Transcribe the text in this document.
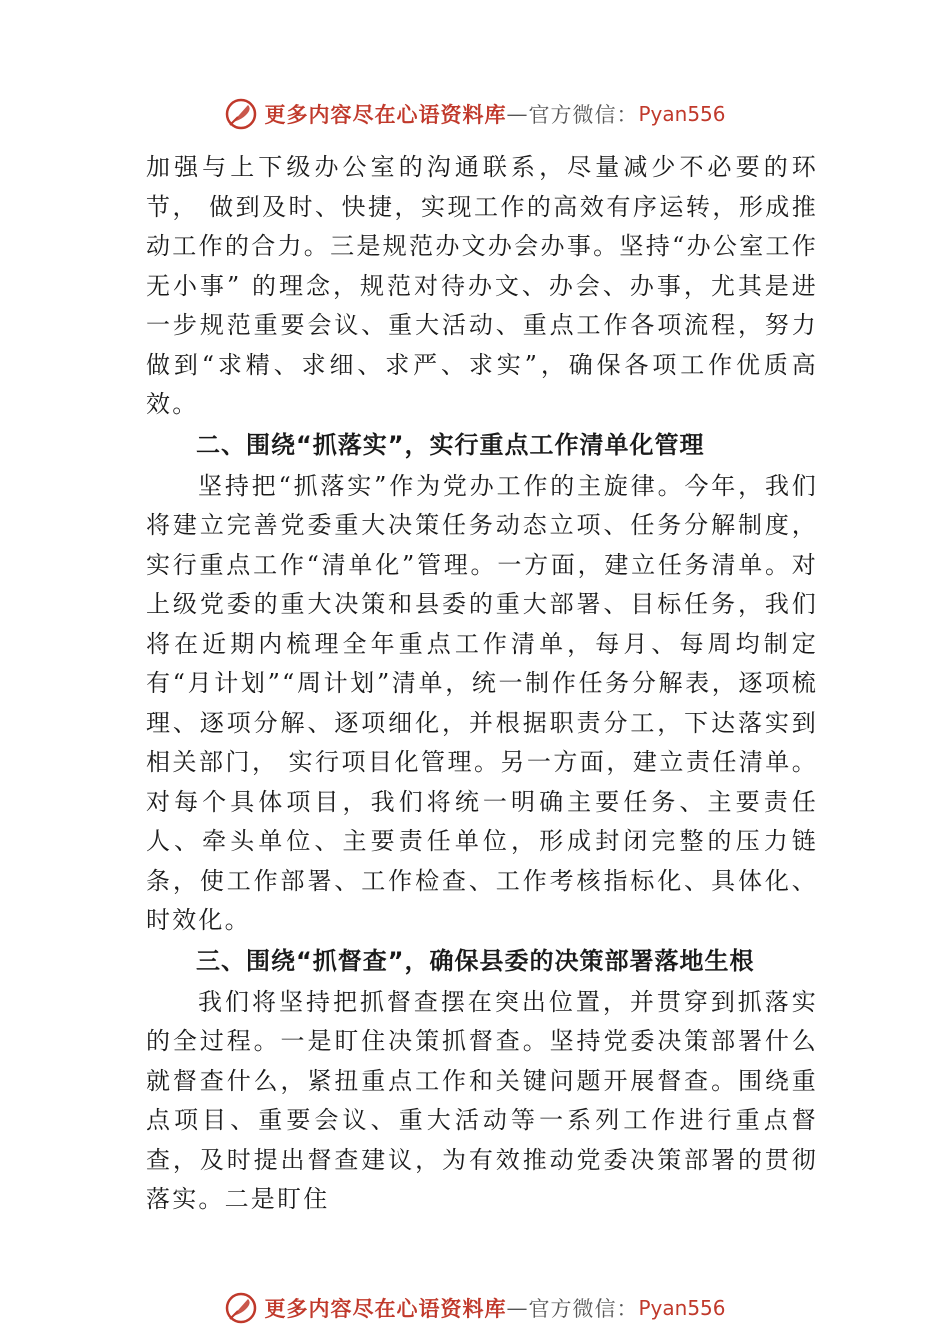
更多内容尽在心语资料库 — 官方微信： Pyan556

加强与上下级办公室的沟通联系，尽量减少不必要的环节， 做到及时、快捷，实现工作的高效有序运转，形成推动工作的合力。三是规范办文办会办事。坚持“办公室工作无小事” 的理念，规范对待办文、办会、办事，尤其是进一步规范重要会议、重大活动、重点工作各项流程，努力做到“求精、求细、求严、求实”，确保各项工作优质高效。

二、围绕“抓落实”，实行重点工作清单化管理

坚持把“抓落实”作为党办工作的主旋律。今年，我们将建立完善党委重大决策任务动态立项、任务分解制度，实行重点工作“清单化”管理。一方面，建立任务清单。对上级党委的重大决策和县委的重大部署、目标任务，我们将在近期内梳理全年重点工作清单，每月、每周均制定有“月计划”“周计划”清单，统一制作任务分解表，逐项梳理、逐项分解、逐项细化，并根据职责分工，下达落实到相关部门， 实行项目化管理。另一方面，建立责任清单。对每个具体项目，我们将统一明确主要任务、主要责任人、牵头单位、主要责任单位，形成封闭完整的压力链条，使工作部署、工作检查、工作考核指标化、具体化、时效化。

三、围绕“抓督查”，确保县委的决策部署落地生根

我们将坚持把抓督查摆在突出位置，并贯穿到抓落实的全过程。一是盯住决策抓督查。坚持党委决策部署什么就督查什么，紧扭重点工作和关键问题开展督查。围绕重点项目、重要会议、重大活动等一系列工作进行重点督查，及时提出督查建议，为有效推动党委决策部署的贯彻落实。二是盯住

更多内容尽在心语资料库 — 官方微信： Pyan556
